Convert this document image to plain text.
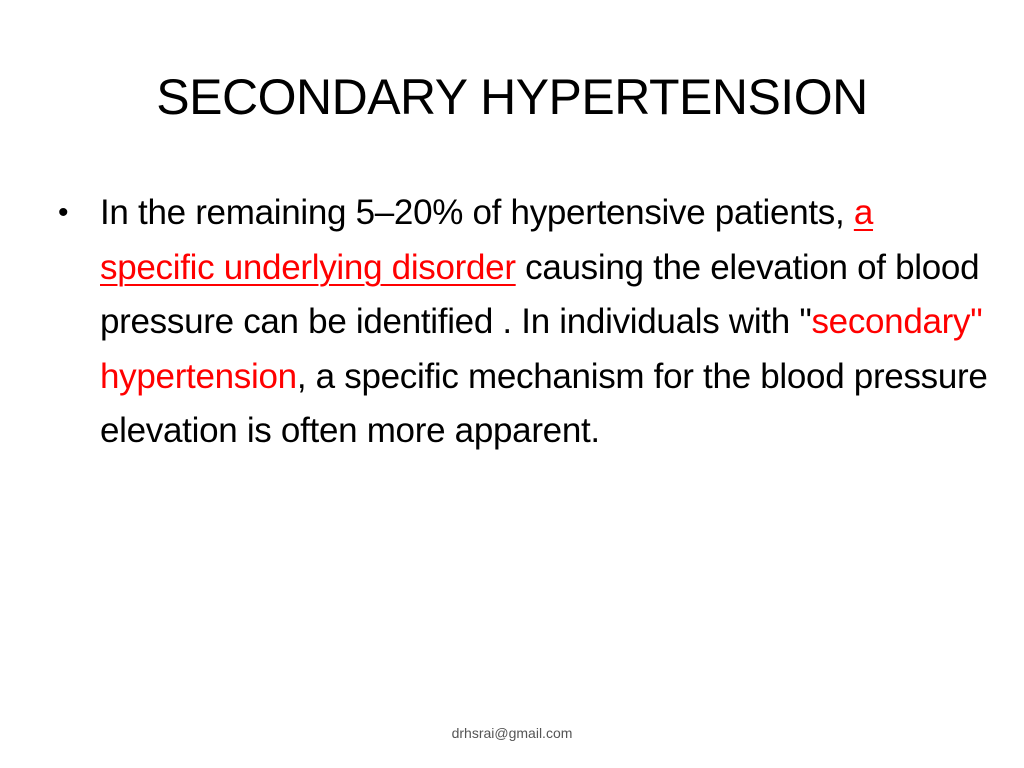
SECONDARY HYPERTENSION
• In the remaining 5–20% of hypertensive patients, a specific underlying disorder causing the elevation of blood pressure can be identified . In individuals with "secondary" hypertension, a specific mechanism for the blood pressure elevation is often more apparent.
drhsrai@gmail.com
